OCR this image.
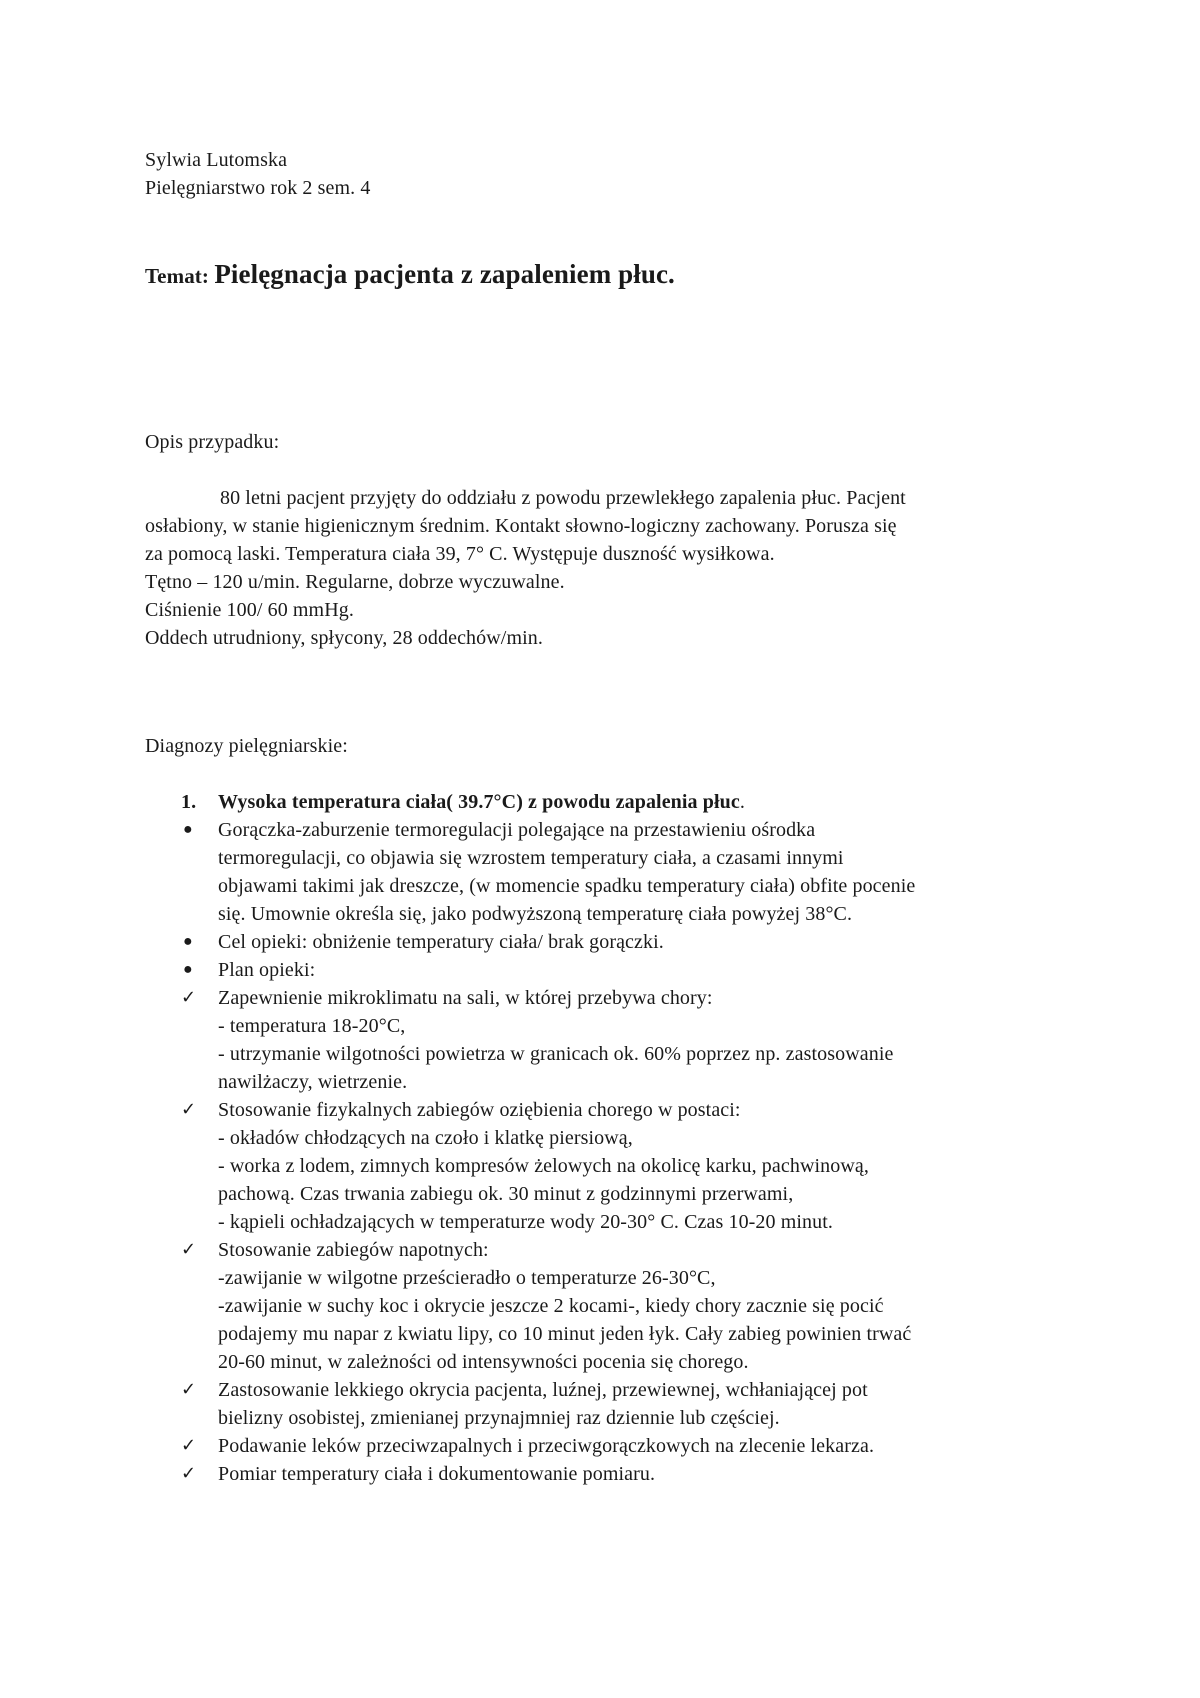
Sylwia Lutomska
Pielęgniarstwo rok 2 sem. 4
Temat: Pielęgnacja pacjenta z zapaleniem płuc.
Opis przypadku:
80 letni pacjent przyjęty do oddziału z powodu przewlekłego zapalenia płuc. Pacjent
osłabiony, w stanie higienicznym średnim. Kontakt słowno-logiczny zachowany. Porusza się
za pomocą laski. Temperatura ciała 39, 7° C. Występuje duszność wysiłkowa.
Tętno – 120 u/min. Regularne, dobrze wyczuwalne.
Ciśnienie 100/ 60 mmHg.
Oddech utrudniony, spłycony, 28 oddechów/min.
Diagnozy pielęgniarskie:
1.	Wysoka temperatura ciała( 39.7°C) z powodu zapalenia płuc.
●	Gorączka-zaburzenie termoregulacji polegające na przestawieniu ośrodka
termoregulacji, co objawia się wzrostem temperatury ciała, a czasami innymi
objawami takimi jak dreszcze, (w momencie spadku temperatury ciała) obfite pocenie
się. Umownie określa się, jako podwyższoną temperaturę ciała powyżej 38°C.
●	Cel opieki: obniżenie temperatury ciała/ brak gorączki.
●	Plan opieki:
✓	Zapewnienie mikroklimatu na sali, w której przebywa chory:
- temperatura 18-20°C,
- utrzymanie wilgotności powietrza w granicach ok. 60% poprzez np. zastosowanie
nawilżaczy, wietrzenie.
✓	Stosowanie fizykalnych zabiegów oziębienia chorego w postaci:
- okładów chłodzących na czoło i klatkę piersiową,
- worka z lodem, zimnych kompresów żelowych na okolicę karku, pachwinową,
pachową. Czas trwania zabiegu ok. 30 minut z godzinnymi przerwami,
- kąpieli ochładzających w temperaturze wody 20-30° C. Czas 10-20 minut.
✓	Stosowanie zabiegów napotnych:
-zawijanie w wilgotne prześcieradło o temperaturze 26-30°C,
-zawijanie w suchy koc i okrycie jeszcze 2 kocami-, kiedy chory zacznie się pocić
podajemy mu napar z kwiatu lipy, co 10 minut jeden łyk. Cały zabieg powinien trwać
20-60 minut, w zależności od intensywności pocenia się chorego.
✓	Zastosowanie lekkiego okrycia pacjenta, luźnej, przewiewnej, wchłaniającej pot
bielizny osobistej, zmienianej przynajmniej raz dziennie lub częściej.
✓	Podawanie leków przeciwzapalnych i przeciwgorączkowych na zlecenie lekarza.
✓	Pomiar temperatury ciała i dokumentowanie pomiaru.
